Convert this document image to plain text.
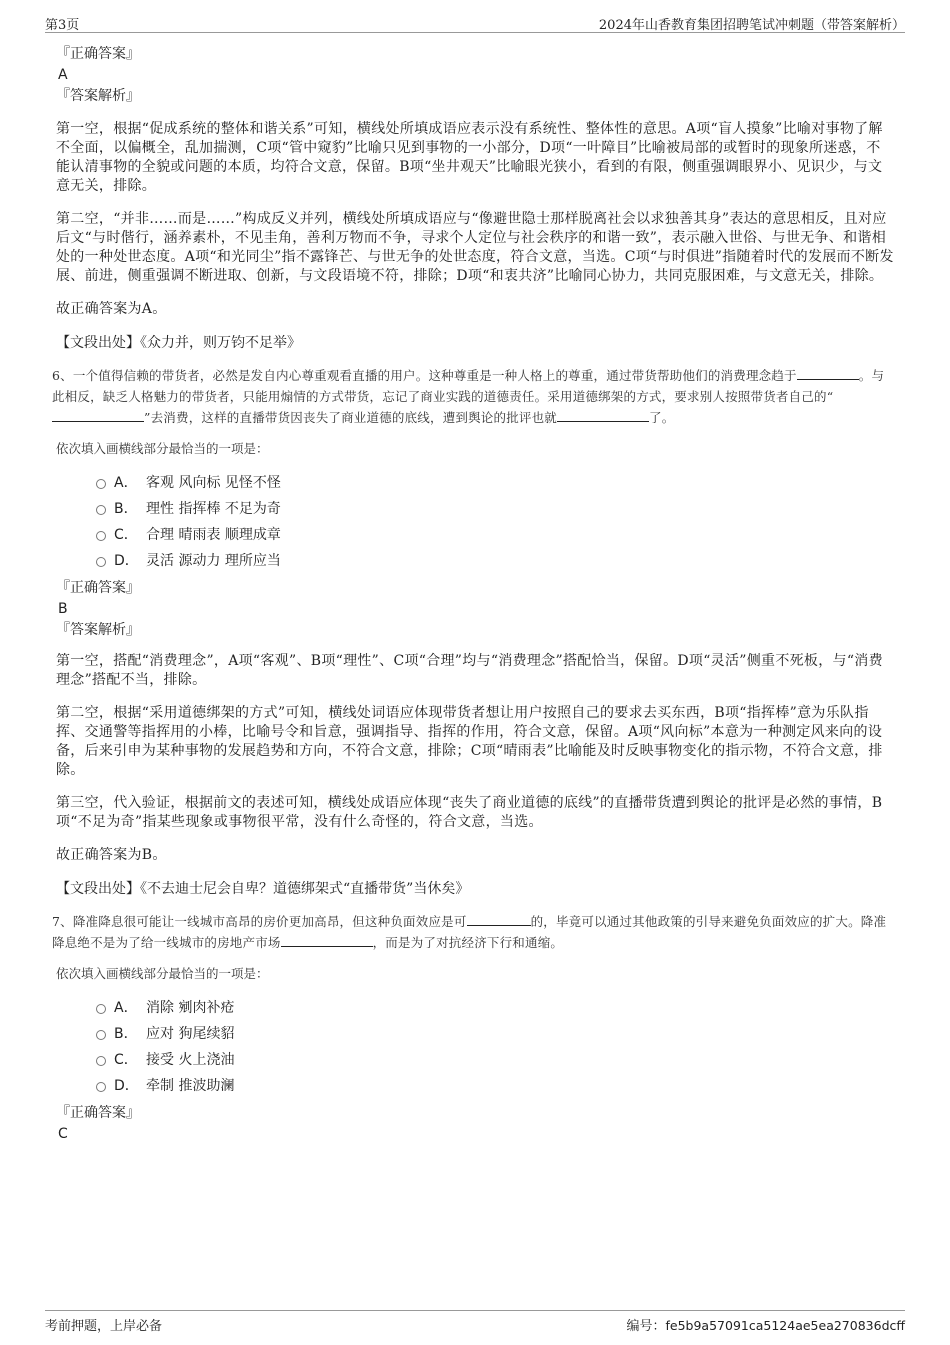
第3页	2024年山香教育集团招聘笔试冲刺题（带答案解析）
『正确答案』
A
『答案解析』

第一空，根据“促成系统的整体和谐关系”可知，横线处所填成语应表示没有系统性、整体性的意思。A项“盲人摸象”比喻对事物了解不全面，以偏概全，乱加揣测，C项“管中窥豹”比喻只见到事物的一小部分，D项“一叶障目”比喻被局部的或暂时的现象所迷惑，不能认清事物的全貌或问题的本质，均符合文意，保留。B项“坐井观天”比喻眼光狭小，看到的有限，侧重强调眼界小、见识少，与文意无关，排除。

第二空，“并非……而是……”构成反义并列，横线处所填成语应与“像避世隐士那样脱离社会以求独善其身”表达的意思相反，且对应后文“与时偕行，涵养素朴，不见圭角，善利万物而不争，寻求个人定位与社会秩序的和谐一致”，表示融入世俗、与世无争、和谐相处的一种处世态度。A项“和光同尘”指不露锋芒、与世无争的处世态度，符合文意，当选。C项“与时俱进”指随着时代的发展而不断发展、前进，侧重强调不断进取、创新，与文段语境不符，排除；D项“和衷共济”比喻同心协力，共同克服困难，与文意无关，排除。

故正确答案为A。

【文段出处】《众力并，则万钧不足举》

6、一个值得信赖的带货者，必然是发自内心尊重观看直播的用户。这种尊重是一种人格上的尊重，通过带货帮助他们的消费理念趋于	。与此相反，缺乏人格魅力的带货者，只能用煽情的方式带货，忘记了商业实践的道德责任。采用道德绑架的方式，要求别人按照带货者自己的“”去消费，这样的直播带货因丧失了商业道德的底线，遭到舆论的批评也就	了。

依次填入画横线部分最恰当的一项是：
A． 客观 风向标 见怪不怪
B． 理性 指挥棒 不足为奇
C． 合理 晴雨表 顺理成章
D． 灵活 源动力 理所应当
『正确答案』
B
『答案解析』

第一空，搭配“消费理念”，A项“客观”、B项“理性”、C项“合理”均与“消费理念”搭配恰当，保留。D项“灵活”侧重不死板，与“消费理念”搭配不当，排除。

第二空，根据“采用道德绑架的方式”可知，横线处词语应体现带货者想让用户按照自己的要求去买东西，B项“指挥棒”意为乐队指挥、交通警等指挥用的小棒，比喻号令和旨意，强调指导、指挥的作用，符合文意，保留。A项“风向标”本意为一种测定风来向的设备，后来引申为某种事物的发展趋势和方向，不符合文意，排除；C项“晴雨表”比喻能及时反映事物变化的指示物，不符合文意，排除。

第三空，代入验证，根据前文的表述可知，横线处成语应体现“丧失了商业道德的底线”的直播带货遭到舆论的批评是必然的事情，B项“不足为奇”指某些现象或事物很平常，没有什么奇怪的，符合文意，当选。

故正确答案为B。

【文段出处】《不去迪士尼会自卑？道德绑架式“直播带货”当休矣》

7、降准降息很可能让一线城市高昂的房价更加高昂，但这种负面效应是可	的，毕竟可以通过其他政策的引导来避免负面效应的扩大。降准降息绝不是为了给一线城市的房地产市场	，而是为了对抗经济下行和通缩。

依次填入画横线部分最恰当的一项是：
A． 消除 剜肉补疮
B． 应对 狗尾续貂
C． 接受 火上浇油
D． 牵制 推波助澜
『正确答案』
C
考前押题，上岸必备	编号：fe5b9a57091ca5124ae5ea270836dcff
